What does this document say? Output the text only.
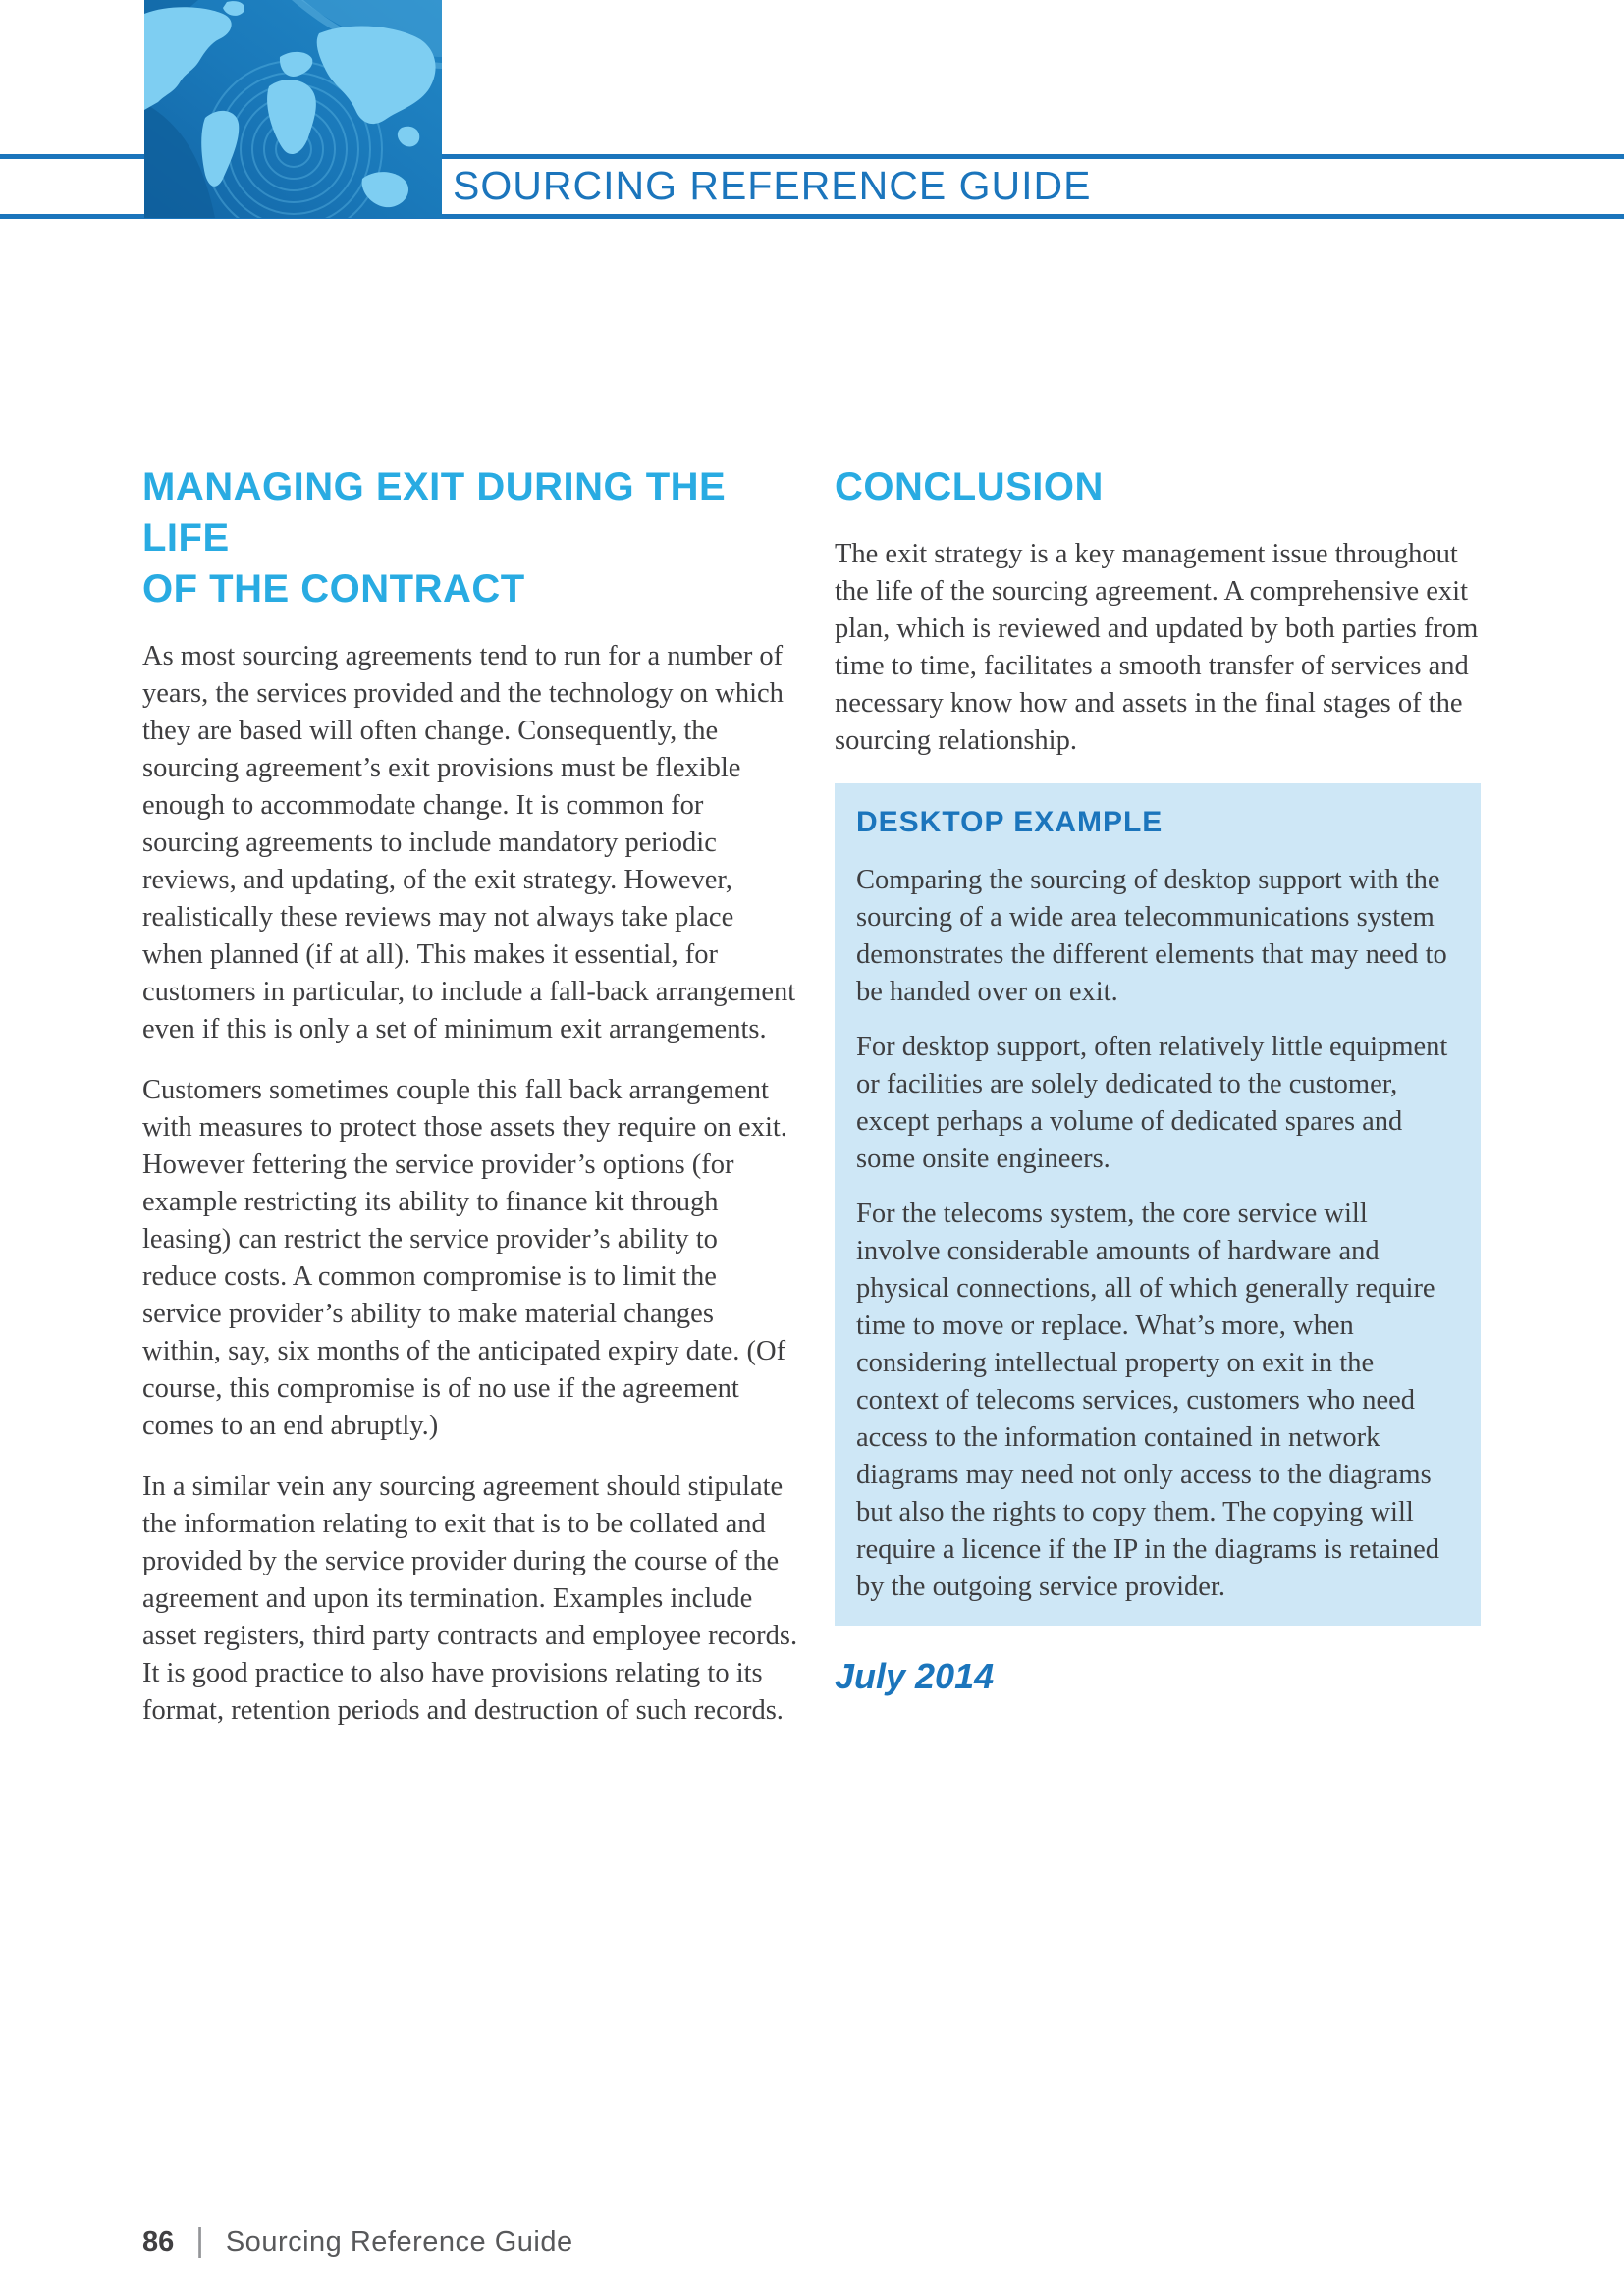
SOURCING REFERENCE GUIDE
MANAGING EXIT DURING THE LIFE
OF THE CONTRACT

As most sourcing agreements tend to run for a number of years, the services provided and the technology on which they are based will often change. Consequently, the sourcing agreement’s exit provisions must be flexible enough to accommodate change. It is common for sourcing agreements to include mandatory periodic reviews, and updating, of the exit strategy. However, realistically these reviews may not always take place when planned (if at all). This makes it essential, for customers in particular, to include a fall-back arrangement even if this is only a set of minimum exit arrangements.

Customers sometimes couple this fall back arrangement with measures to protect those assets they require on exit. However fettering the service provider’s options (for example restricting its ability to finance kit through leasing) can restrict the service provider’s ability to reduce costs. A common compromise is to limit the service provider’s ability to make material changes within, say, six months of the anticipated expiry date. (Of course, this compromise is of no use if the agreement comes to an end abruptly.)

In a similar vein any sourcing agreement should stipulate the information relating to exit that is to be collated and provided by the service provider during the course of the agreement and upon its termination. Examples include asset registers, third party contracts and employee records. It is good practice to also have provisions relating to its format, retention periods and destruction of such records.

CONCLUSION

The exit strategy is a key management issue throughout the life of the sourcing agreement. A comprehensive exit plan, which is reviewed and updated by both parties from time to time, facilitates a smooth transfer of services and necessary know how and assets in the final stages of the sourcing relationship.

DESKTOP EXAMPLE

Comparing the sourcing of desktop support with the sourcing of a wide area telecommunications system demonstrates the different elements that may need to be handed over on exit.

For desktop support, often relatively little equipment or facilities are solely dedicated to the customer, except perhaps a volume of dedicated spares and some onsite engineers.

For the telecoms system, the core service will involve considerable amounts of hardware and physical connections, all of which generally require time to move or replace. What’s more, when considering intellectual property on exit in the context of telecoms services, customers who need access to the information contained in network diagrams may need not only access to the diagrams but also the rights to copy them. The copying will require a licence if the IP in the diagrams is retained by the outgoing service provider.

July 2014
86 | Sourcing Reference Guide
